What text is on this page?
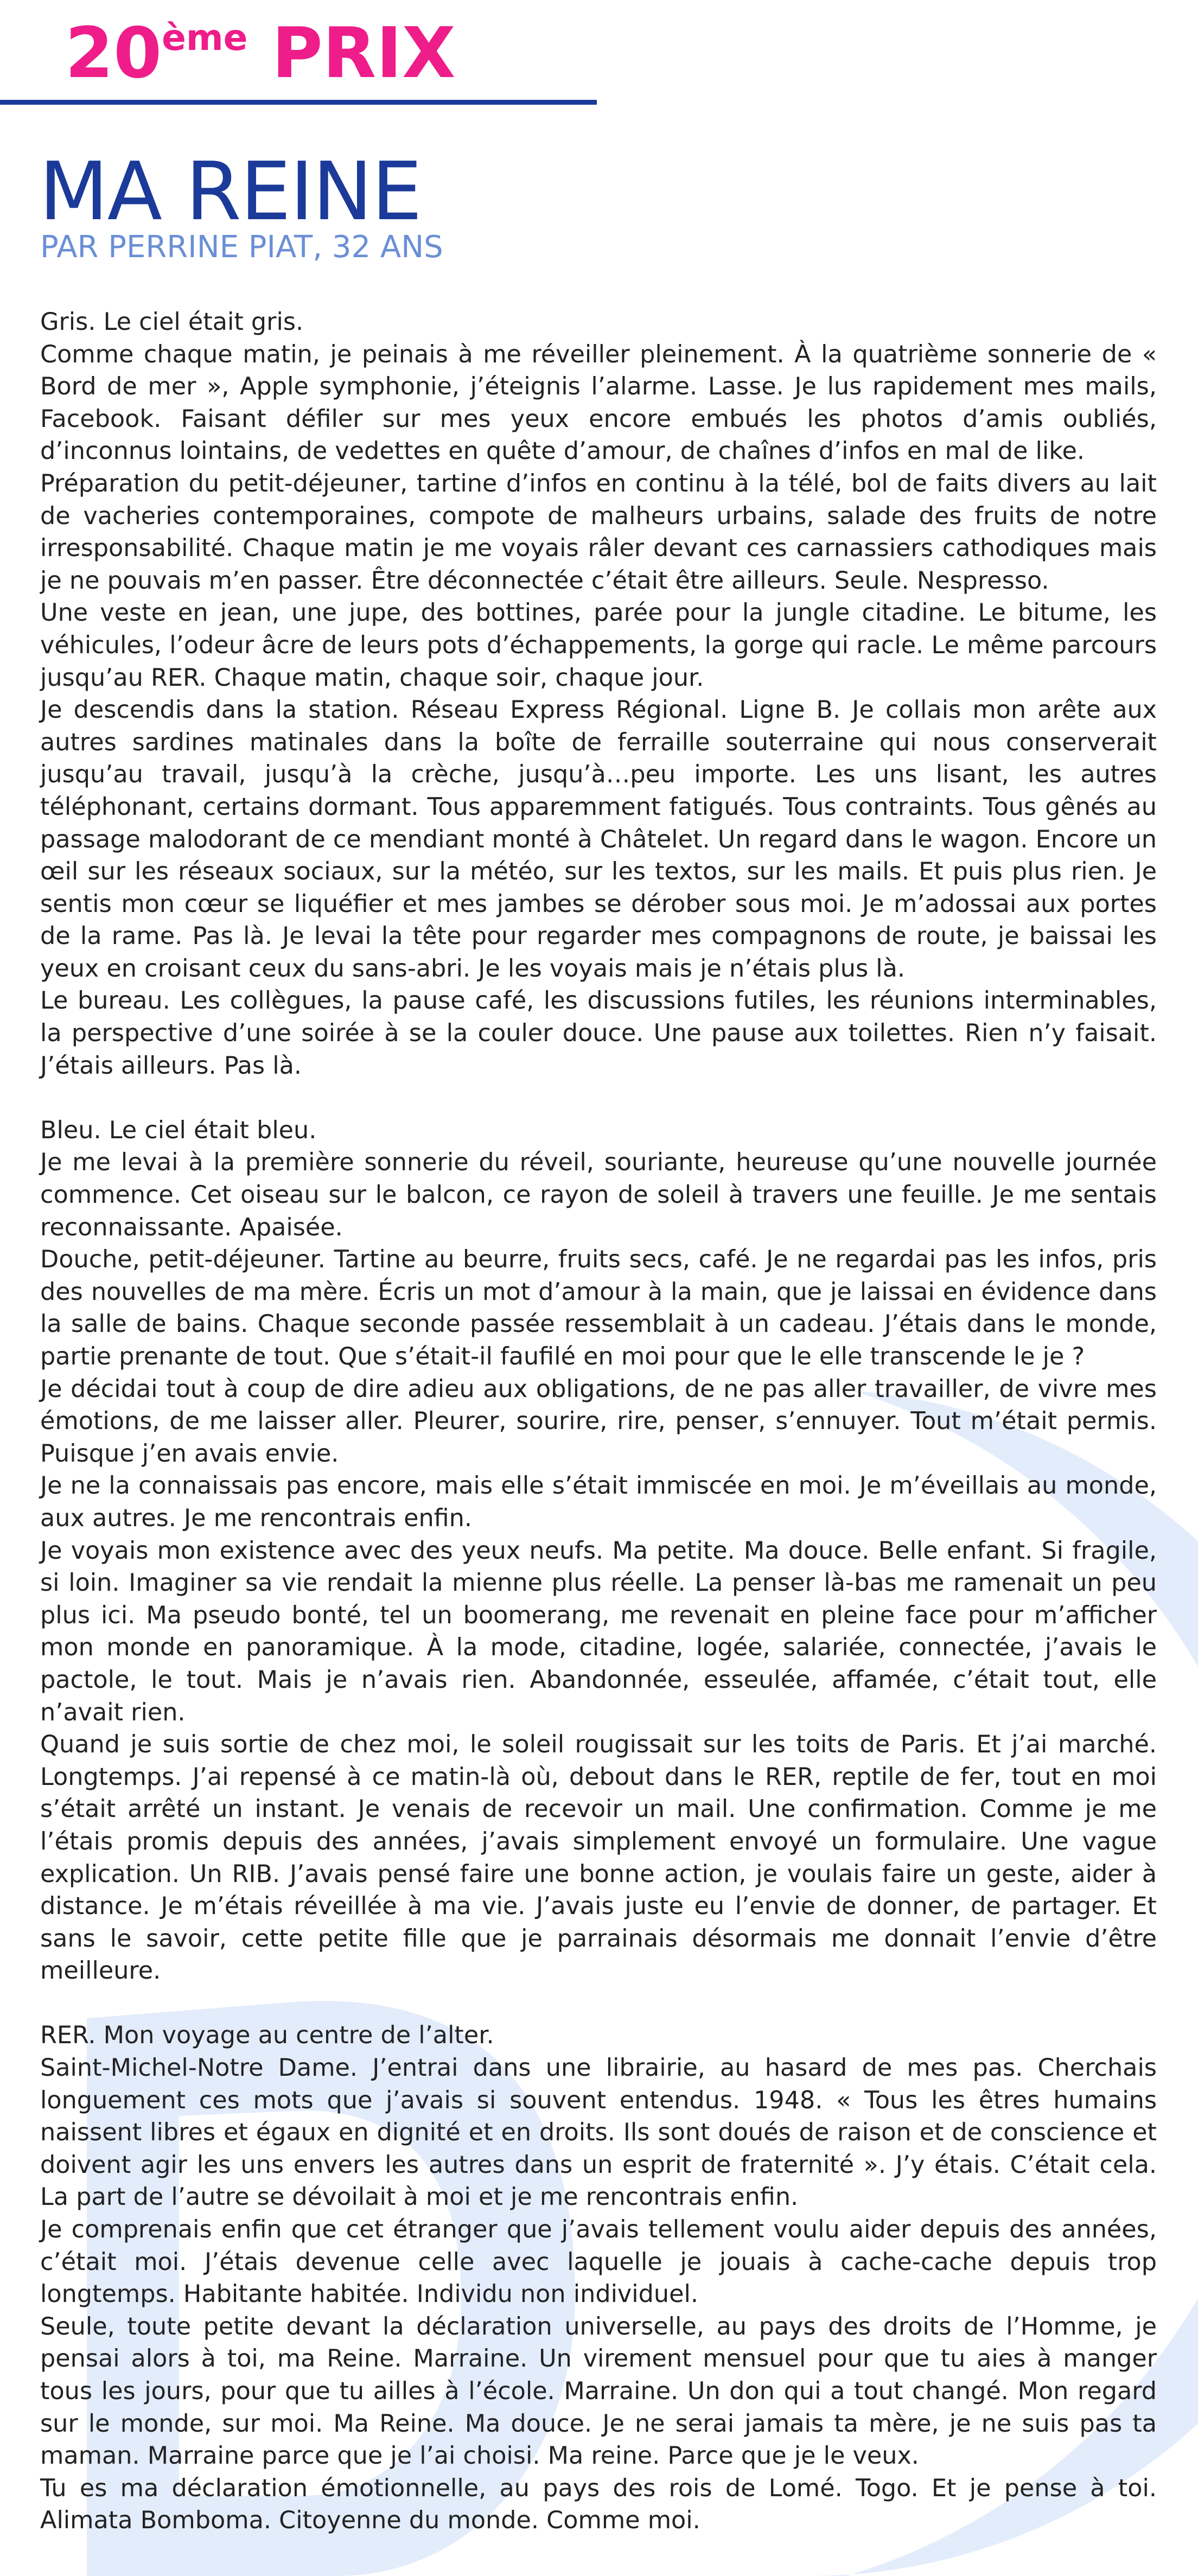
20ème PRIX
MA REINE
PAR PERRINE PIAT, 32 ANS

Gris. Le ciel était gris.

Comme chaque matin, je peinais à me réveiller pleinement. À la quatrième sonnerie de « Bord de mer », Apple symphonie, j’éteignis l’alarme. Lasse. Je lus rapidement mes mails, Facebook. Faisant défiler sur mes yeux encore embués les photos d’amis oubliés, d’inconnus lointains, de vedettes en quête d’amour, de chaînes d’infos en mal de like.

Préparation du petit-déjeuner, tartine d’infos en continu à la télé, bol de faits divers au lait de vacheries contemporaines, compote de malheurs urbains, salade des fruits de notre irresponsabilité. Chaque matin je me voyais râler devant ces carnassiers cathodiques mais je ne pouvais m’en passer. Être déconnectée c’était être ailleurs. Seule. Nespresso.

Une veste en jean, une jupe, des bottines, parée pour la jungle citadine. Le bitume, les véhicules, l’odeur âcre de leurs pots d’échappements, la gorge qui racle. Le même parcours jusqu’au RER. Chaque matin, chaque soir, chaque jour.

Je descendis dans la station. Réseau Express Régional. Ligne B. Je collais mon arête aux autres sardines matinales dans la boîte de ferraille souterraine qui nous conserverait jusqu’au travail, jusqu’à la crèche, jusqu’à…peu importe. Les uns lisant, les autres téléphonant, certains dormant. Tous apparemment fatigués. Tous contraints. Tous gênés au passage malodorant de ce mendiant monté à Châtelet. Un regard dans le wagon. Encore un œil sur les réseaux sociaux, sur la météo, sur les textos, sur les mails. Et puis plus rien. Je sentis mon cœur se liquéfier et mes jambes se dérober sous moi. Je m’adossai aux portes de la rame. Pas là. Je levai la tête pour regarder mes compagnons de route, je baissai les yeux en croisant ceux du sans-abri. Je les voyais mais je n’étais plus là.

Le bureau. Les collègues, la pause café, les discussions futiles, les réunions interminables, la perspective d’une soirée à se la couler douce. Une pause aux toilettes. Rien n’y faisait. J’étais ailleurs. Pas là.

Bleu. Le ciel était bleu.

Je me levai à la première sonnerie du réveil, souriante, heureuse qu’une nouvelle journée commence. Cet oiseau sur le balcon, ce rayon de soleil à travers une feuille. Je me sentais reconnaissante. Apaisée.

Douche, petit-déjeuner. Tartine au beurre, fruits secs, café. Je ne regardai pas les infos, pris des nouvelles de ma mère. Écris un mot d’amour à la main, que je laissai en évidence dans la salle de bains. Chaque seconde passée ressemblait à un cadeau. J’étais dans le monde, partie prenante de tout. Que s’était-il faufilé en moi pour que le elle transcende le je ?

Je décidai tout à coup de dire adieu aux obligations, de ne pas aller travailler, de vivre mes émotions, de me laisser aller. Pleurer, sourire, rire, penser, s’ennuyer. Tout m’était permis. Puisque j’en avais envie.

Je ne la connaissais pas encore, mais elle s’était immiscée en moi. Je m’éveillais au monde, aux autres. Je me rencontrais enfin.

Je voyais mon existence avec des yeux neufs. Ma petite. Ma douce. Belle enfant. Si fragile, si loin. Imaginer sa vie rendait la mienne plus réelle. La penser là-bas me ramenait un peu plus ici. Ma pseudo bonté, tel un boomerang, me revenait en pleine face pour m’afficher mon monde en panoramique. À la mode, citadine, logée, salariée, connectée, j’avais le pactole, le tout. Mais je n’avais rien. Abandonnée, esseulée, affamée, c’était tout, elle n’avait rien.

Quand je suis sortie de chez moi, le soleil rougissait sur les toits de Paris. Et j’ai marché. Longtemps. J’ai repensé à ce matin-là où, debout dans le RER, reptile de fer, tout en moi s’était arrêté un instant. Je venais de recevoir un mail. Une confirmation. Comme je me l’étais promis depuis des années, j’avais simplement envoyé un formulaire. Une vague explication. Un RIB. J’avais pensé faire une bonne action, je voulais faire un geste, aider à distance. Je m’étais réveillée à ma vie. J’avais juste eu l’envie de donner, de partager. Et sans le savoir, cette petite fille que je parrainais désormais me donnait l’envie d’être meilleure.

RER. Mon voyage au centre de l’alter.

Saint-Michel-Notre Dame. J’entrai dans une librairie, au hasard de mes pas. Cherchais longuement ces mots que j’avais si souvent entendus. 1948. « Tous les êtres humains naissent libres et égaux en dignité et en droits. Ils sont doués de raison et de conscience et doivent agir les uns envers les autres dans un esprit de fraternité ». J’y étais. C’était cela. La part de l’autre se dévoilait à moi et je me rencontrais enfin.

Je comprenais enfin que cet étranger que j’avais tellement voulu aider depuis des années, c’était moi. J’étais devenue celle avec laquelle je jouais à cache-cache depuis trop longtemps. Habitante habitée. Individu non individuel.

Seule, toute petite devant la déclaration universelle, au pays des droits de l’Homme, je pensai alors à toi, ma Reine. Marraine. Un virement mensuel pour que tu aies à manger tous les jours, pour que tu ailles à l’école. Marraine. Un don qui a tout changé. Mon regard sur le monde, sur moi. Ma Reine. Ma douce. Je ne serai jamais ta mère, je ne suis pas ta maman. Marraine parce que je l’ai choisi. Ma reine. Parce que je le veux.

Tu es ma déclaration émotionnelle, au pays des rois de Lomé. Togo. Et je pense à toi. Alimata Bomboma. Citoyenne du monde. Comme moi.
